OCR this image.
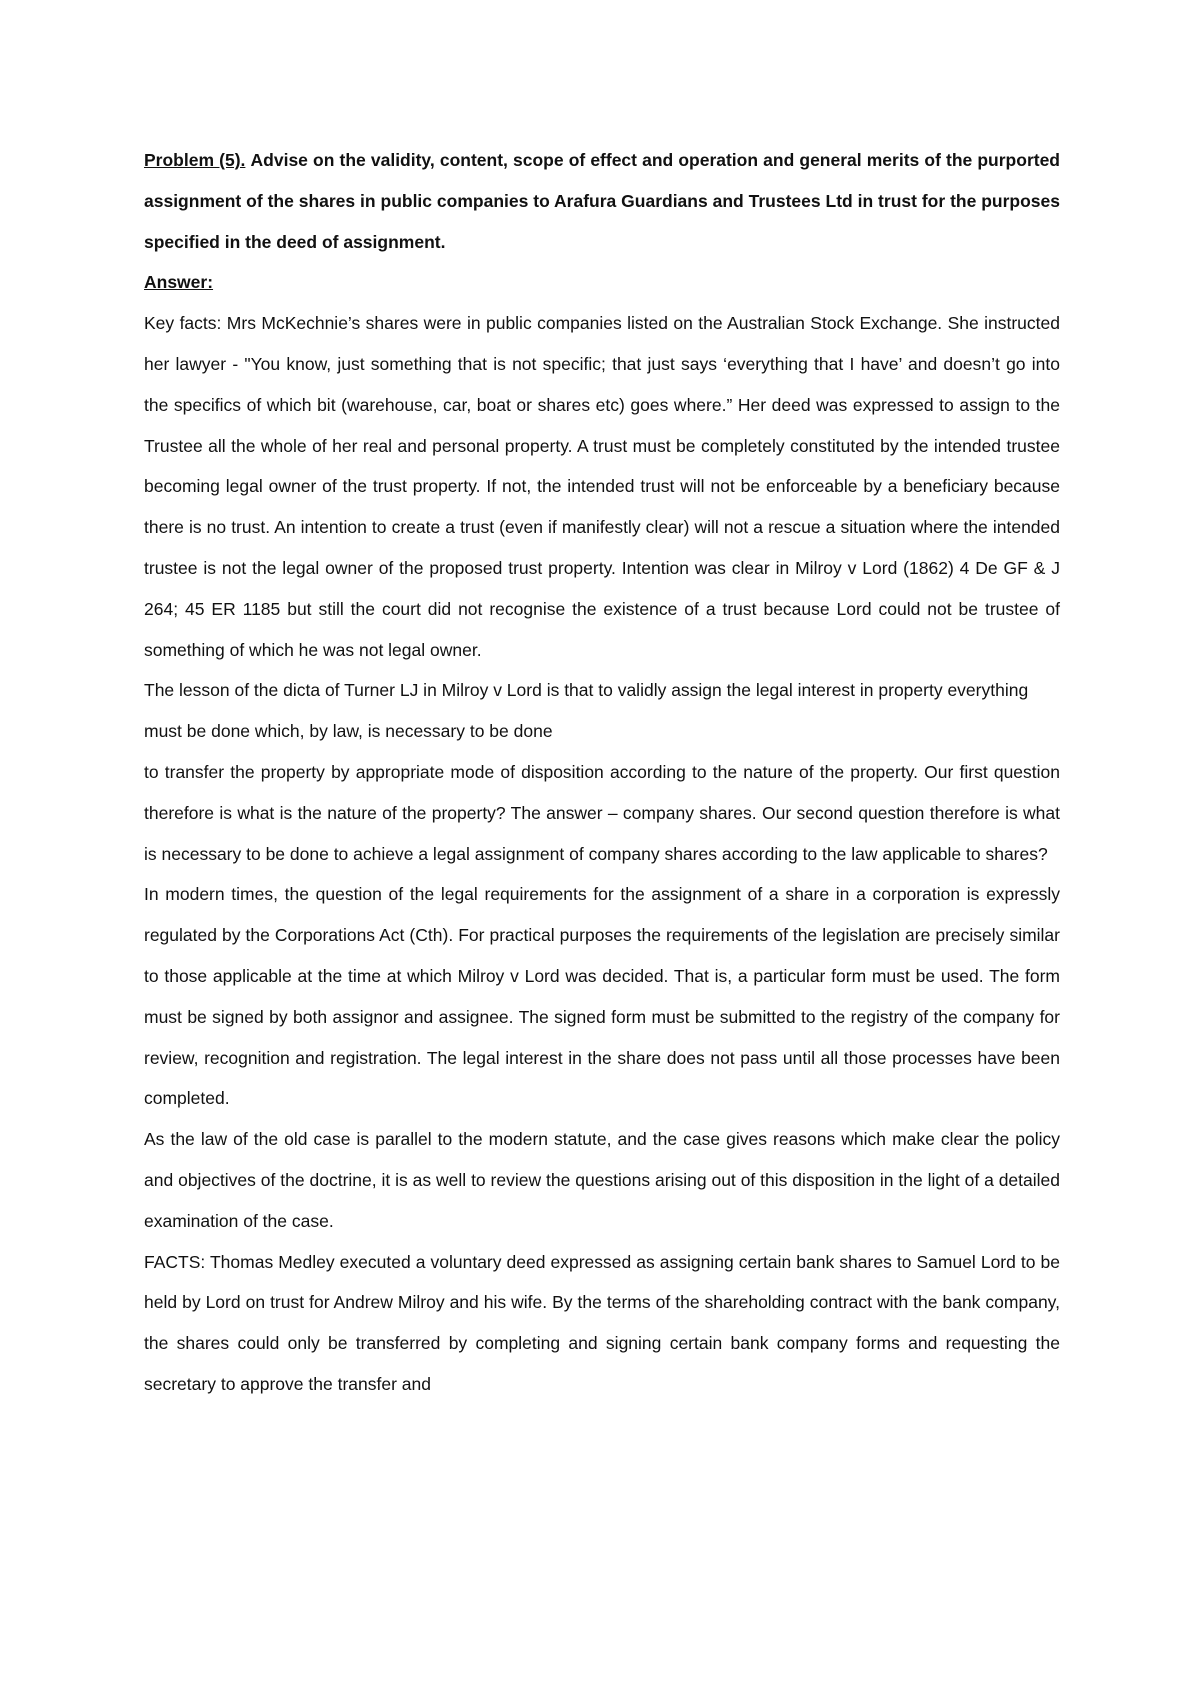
Problem (5). Advise on the validity, content, scope of effect and operation and general merits of the purported assignment of the shares in public companies to Arafura Guardians and Trustees Ltd in trust for the purposes specified in the deed of assignment.

Answer:

Key facts: Mrs McKechnie’s shares were in public companies listed on the Australian Stock Exchange. She instructed her lawyer - "You know, just something that is not specific; that just says ‘everything that I have’ and doesn’t go into the specifics of which bit (warehouse, car, boat or shares etc) goes where.” Her deed was expressed to assign to the Trustee all the whole of her real and personal property. A trust must be completely constituted by the intended trustee becoming legal owner of the trust property. If not, the intended trust will not be enforceable by a beneficiary because there is no trust. An intention to create a trust (even if manifestly clear) will not a rescue a situation where the intended trustee is not the legal owner of the proposed trust property. Intention was clear in Milroy v Lord (1862) 4 De GF & J 264; 45 ER 1185 but still the court did not recognise the existence of a trust because Lord could not be trustee of something of which he was not legal owner.

The lesson of the dicta of Turner LJ in Milroy v Lord is that to validly assign the legal interest in property everything must be done which, by law, is necessary to be done

to transfer the property by appropriate mode of disposition according to the nature of the property. Our first question therefore is what is the nature of the property? The answer – company shares. Our second question therefore is what is necessary to be done to achieve a legal assignment of company shares according to the law applicable to shares?

In modern times, the question of the legal requirements for the assignment of a share in a corporation is expressly regulated by the Corporations Act (Cth). For practical purposes the requirements of the legislation are precisely similar to those applicable at the time at which Milroy v Lord was decided. That is, a particular form must be used. The form must be signed by both assignor and assignee. The signed form must be submitted to the registry of the company for review, recognition and registration. The legal interest in the share does not pass until all those processes have been completed.

As the law of the old case is parallel to the modern statute, and the case gives reasons which make clear the policy and objectives of the doctrine, it is as well to review the questions arising out of this disposition in the light of a detailed examination of the case.

FACTS: Thomas Medley executed a voluntary deed expressed as assigning certain bank shares to Samuel Lord to be held by Lord on trust for Andrew Milroy and his wife. By the terms of the shareholding contract with the bank company, the shares could only be transferred by completing and signing certain bank company forms and requesting the secretary to approve the transfer and
